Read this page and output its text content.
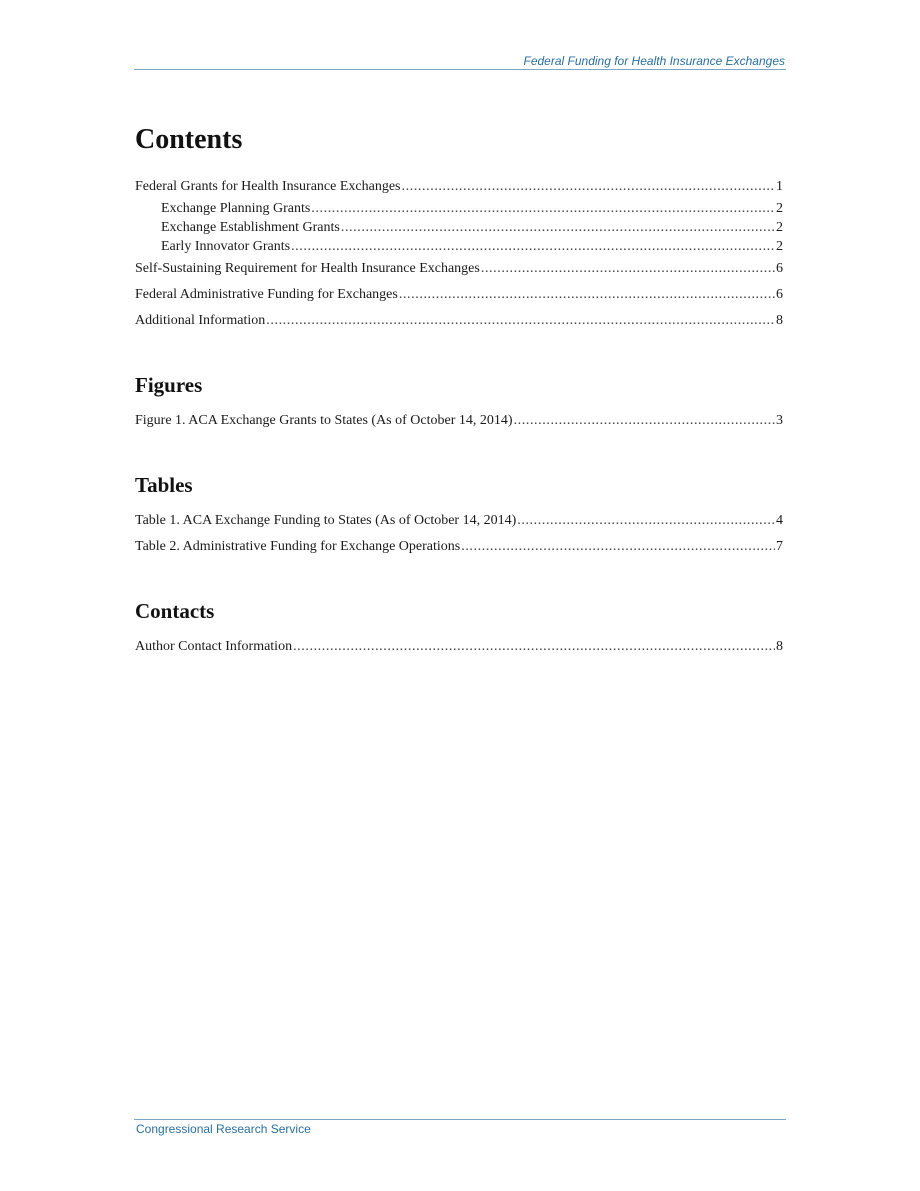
Federal Funding for Health Insurance Exchanges
Contents
Federal Grants for Health Insurance Exchanges .....	1
Exchange Planning Grants .....	2
Exchange Establishment Grants .....	2
Early Innovator Grants .....	2
Self-Sustaining Requirement for Health Insurance Exchanges .....	6
Federal Administrative Funding for Exchanges .....	6
Additional Information .....	8
Figures
Figure 1. ACA Exchange Grants to States (As of October 14, 2014) .....	3
Tables
Table 1. ACA Exchange Funding to States (As of October 14, 2014) .....	4
Table 2. Administrative Funding for Exchange Operations .....	7
Contacts
Author Contact Information .....	8
Congressional Research Service
